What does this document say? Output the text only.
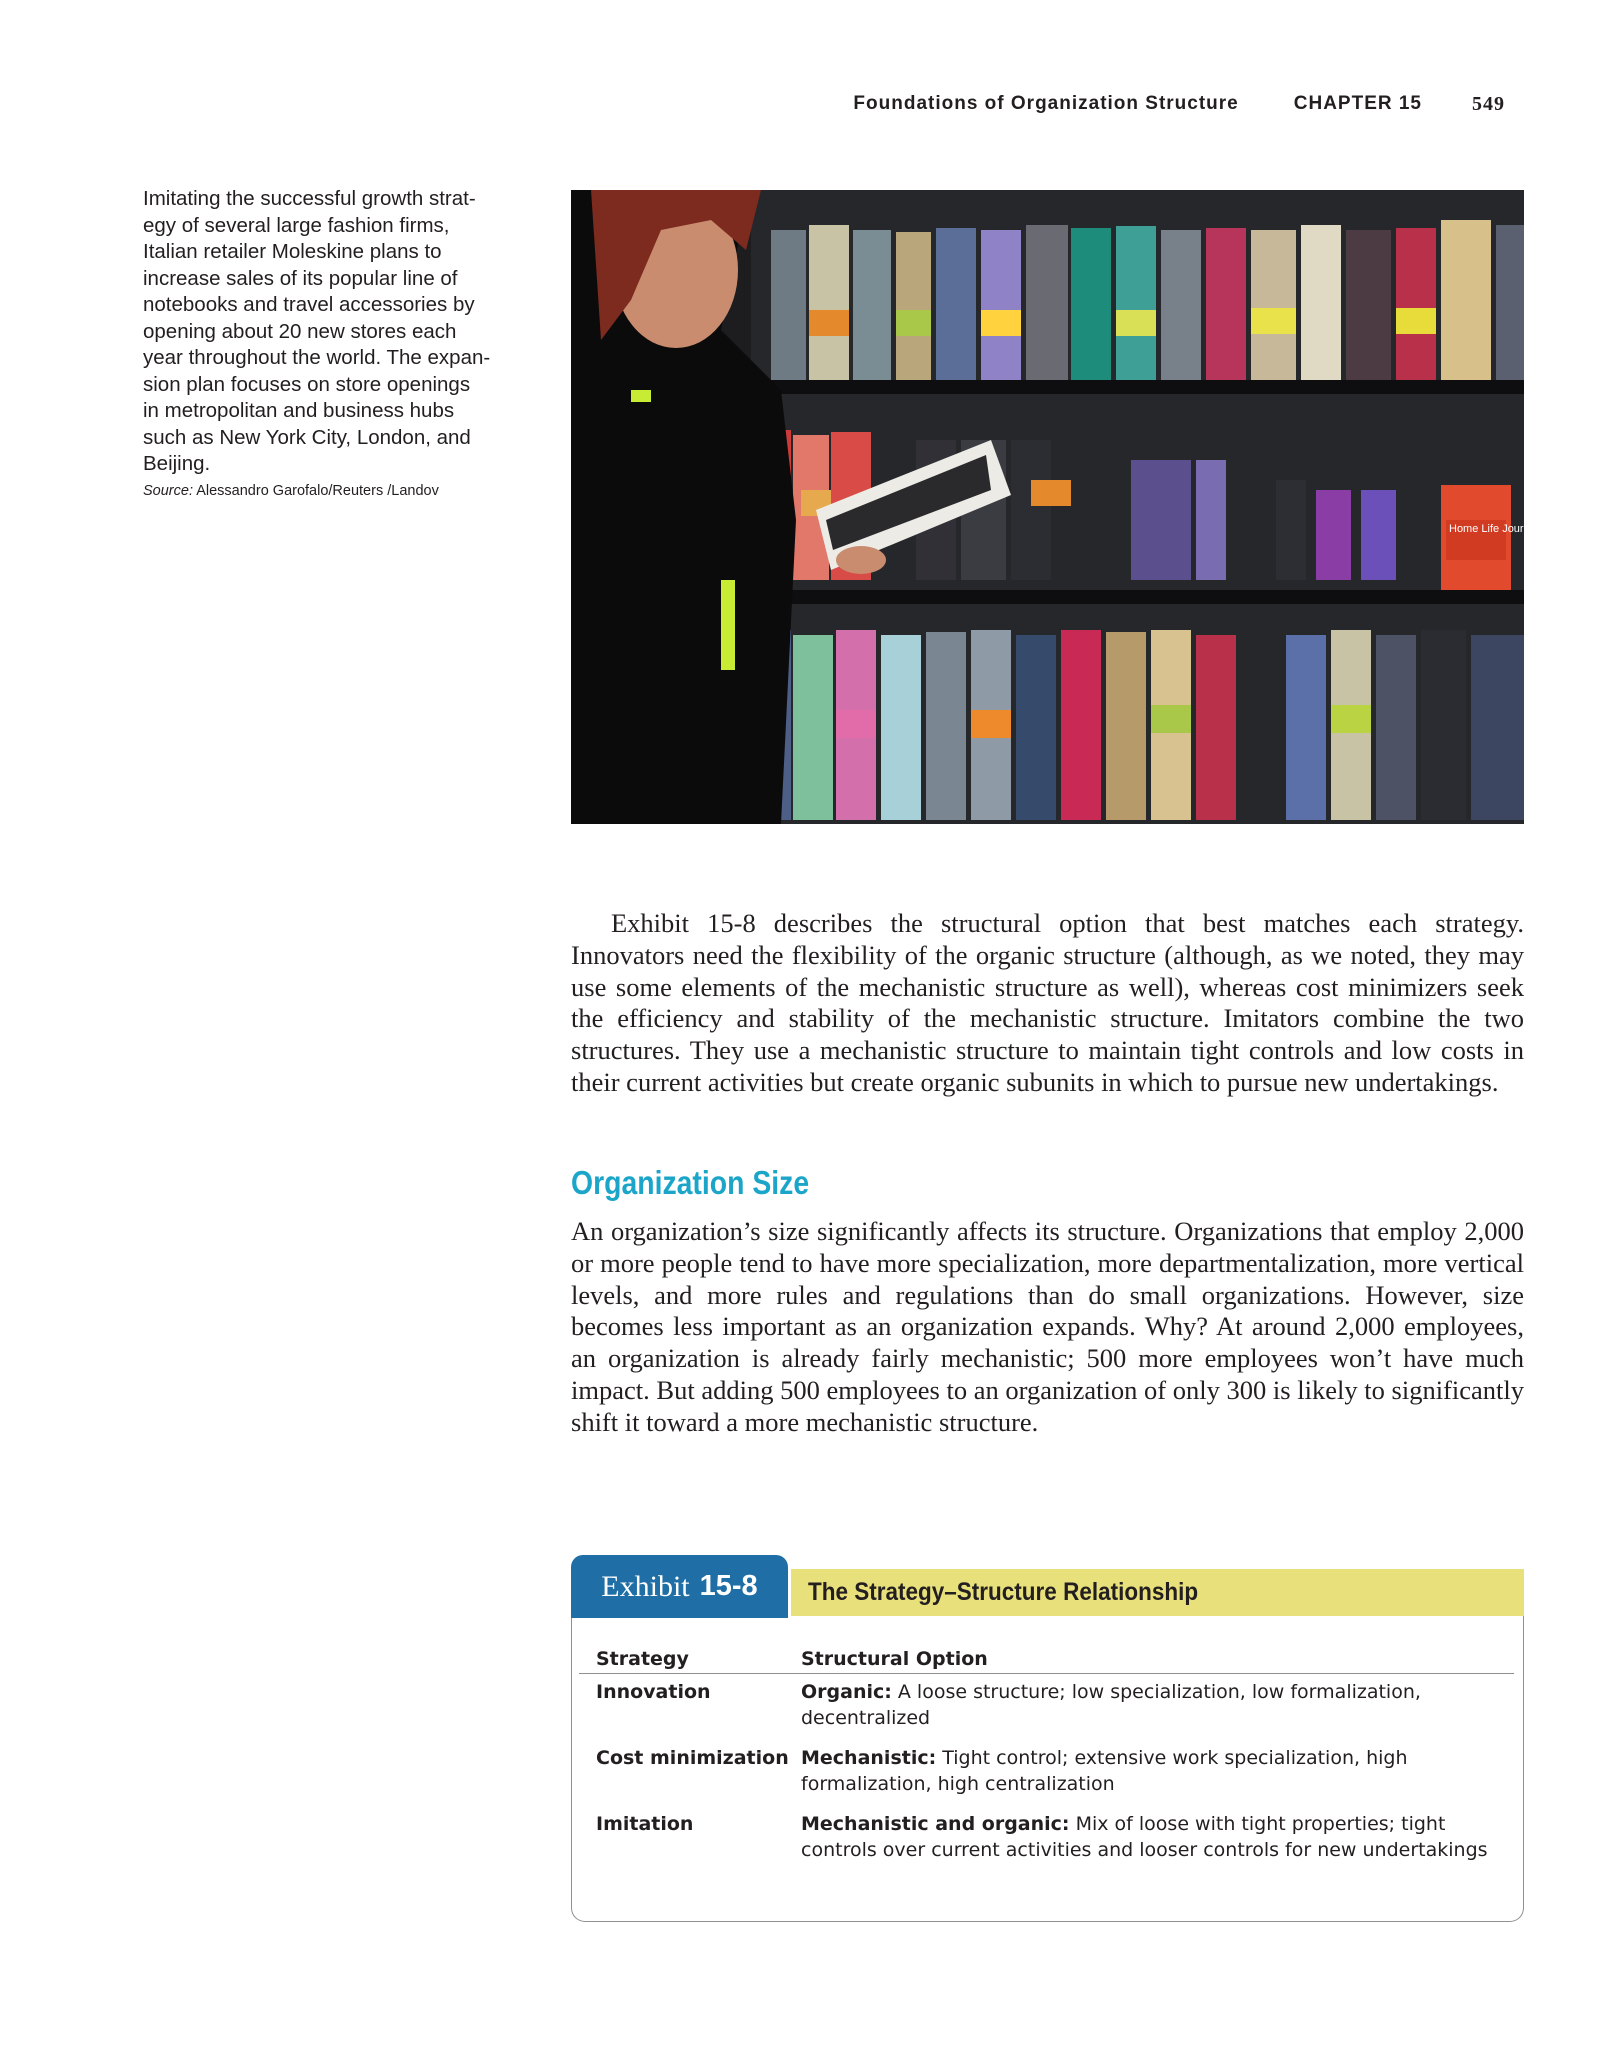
Foundations of Organization Structure	CHAPTER 15	549
Imitating the successful growth strat-
egy of several large fashion firms,
Italian retailer Moleskine plans to
increase sales of its popular line of
notebooks and travel accessories by
opening about 20 new stores each
year throughout the world. The expan-
sion plan focuses on store openings
in metropolitan and business hubs
such as New York City, London, and
Beijing.
Source: Alessandro Garofalo/Reuters /Landov
Home Life Journal
Exhibit 15-8 describes the structural option that best matches each strategy. Innovators need the flexibility of the organic structure (although, as we noted, they may use some elements of the mechanistic structure as well), whereas cost minimizers seek the efficiency and stability of the mechanistic structure. Imitators combine the two structures. They use a mechanistic structure to maintain tight controls and low costs in their current activities but create organic subunits in which to pursue new undertakings.
Organization Size
An organization’s size significantly affects its structure. Organizations that employ 2,000 or more people tend to have more specialization, more departmentalization, more vertical levels, and more rules and regulations than do small organizations. However, size becomes less important as an organization expands. Why? At around 2,000 employees, an organization is already fairly mechanistic; 500 more employees won’t have much impact. But adding 500 employees to an organization of only 300 is likely to significantly shift it toward a more mechanistic structure.
The Strategy–Structure Relationship
Exhibit 15-8
Strategy	Structural Option
Innovation	Organic: A loose structure; low specialization, low formalization, decentralized
Cost minimization Mechanistic: Tight control; extensive work specialization, high formalization, high centralization
Imitation	Mechanistic and organic: Mix of loose with tight properties; tight controls over current activities and looser controls for new undertakings
